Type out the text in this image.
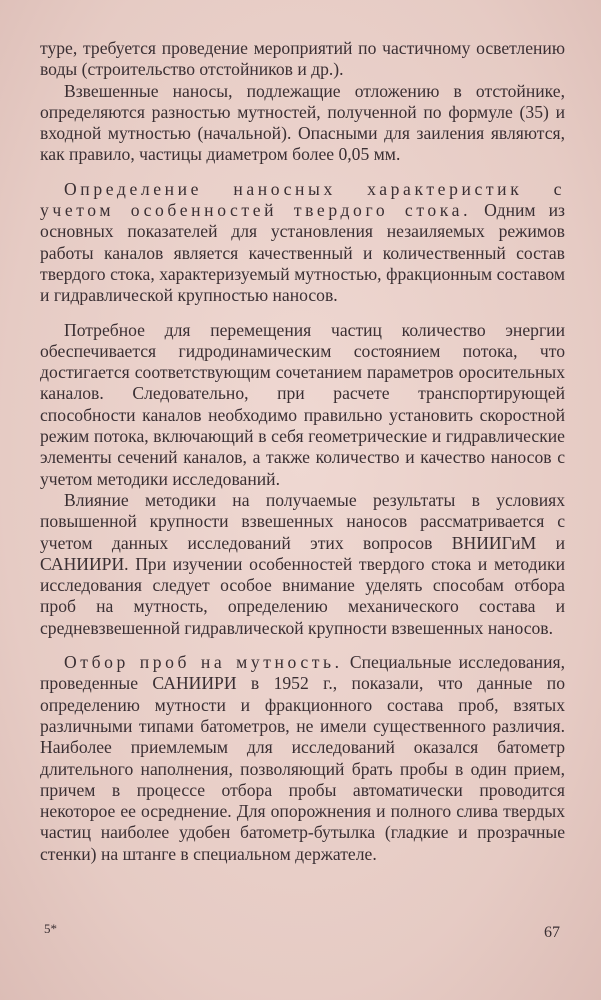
туре, требуется проведение мероприятий по частичному осветлению воды (строительство отстойников и др.).

Взвешенные наносы, подлежащие отложению в отстойнике, определяются разностью мутностей, полученной по формуле (35) и входной мутностью (начальной). Опасными для заиления являются, как правило, частицы диаметром более 0,05 мм.

Определение наносных характеристик с учетом особенностей твердого стока. Одним из основных показателей для установления незаиляемых режимов работы каналов является качественный и количественный состав твердого стока, характеризуемый мутностью, фракционным составом и гидравлической крупностью наносов.

Потребное для перемещения частиц количество энергии обеспечивается гидродинамическим состоянием потока, что достигается соответствующим сочетанием параметров оросительных каналов. Следовательно, при расчете транспортирующей способности каналов необходимо правильно установить скоростной режим потока, включающий в себя геометрические и гидравлические элементы сечений каналов, а также количество и качество наносов с учетом методики исследований.

Влияние методики на получаемые результаты в условиях повышенной крупности взвешенных наносов рассматривается с учетом данных исследований этих вопросов ВНИИГиМ и САНИИРИ. При изучении особенностей твердого стока и методики исследования следует особое внимание уделять способам отбора проб на мутность, определению механического состава и средневзвешенной гидравлической крупности взвешенных наносов.

Отбор проб на мутность. Специальные исследования, проведенные САНИИРИ в 1952 г., показали, что данные по определению мутности и фракционного состава проб, взятых различными типами батометров, не имели существенного различия. Наиболее приемлемым для исследований оказался батометр длительного наполнения, позволяющий брать пробы в один прием, причем в процессе отбора пробы автоматически проводится некоторое ее осреднение. Для опорожнения и полного слива твердых частиц наиболее удобен батометр-бутылка (гладкие и прозрачные стенки) на штанге в специальном держателе.

5*	67
